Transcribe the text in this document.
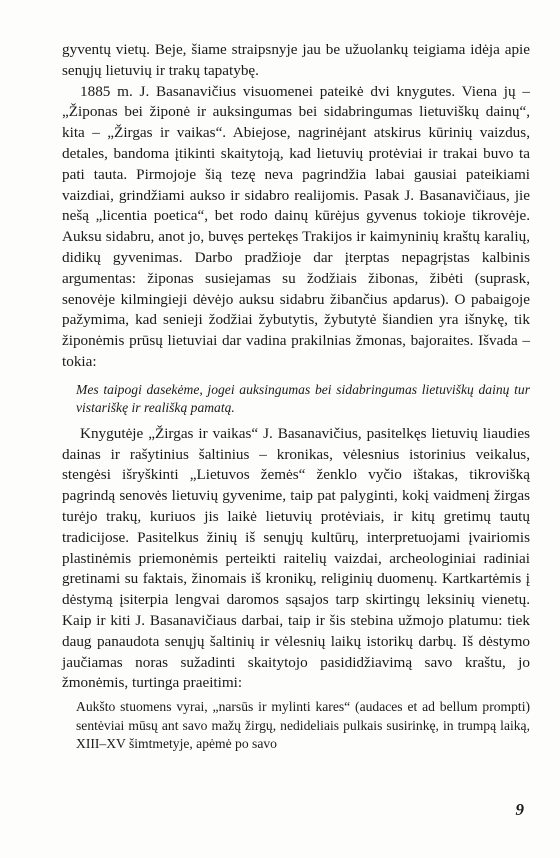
gyventų vietų. Beje, šiame straipsnyje jau be užuolankų teigiama idėja apie senųjų lietuvių ir trakų tapatybę.

1885 m. J. Basanavičius visuomenei pateikė dvi knygutes. Viena jų – „Žiponas bei žiponė ir auksingumas bei sidabringumas lietuviškų dainų“, kita – „Žirgas ir vaikas“. Abiejose, nagrinėjant atskirus kūrinių vaizdus, detales, bandoma įtikinti skaitytoją, kad lietuvių protėviai ir trakai buvo ta pati tauta. Pirmojoje šią tezę neva pagrindžia labai gausiai pateikiami vaizdiai, grindžiami aukso ir sidabro realijomis. Pasak J. Basanavičiaus, jie nešą „licentia poetica“, bet rodo dainų kūrėjus gyvenus tokioje tikrovėje. Auksu sidabru, anot jo, buvęs pertekęs Trakijos ir kaimyninių kraštų karalių, didikų gyvenimas. Darbo pradžioje dar įterptas nepagrįstas kalbinis argumentas: žiponas susiejamas su žodžiais žibonas, žibėti (suprask, senovėje kilmingieji dėvėjo auksu sidabru žibančius apdarus). O pabaigoje pažymima, kad senieji žodžiai žybutytis, žybutytė šiandien yra išnykę, tik žiponėmis prūsų lietuviai dar vadina prakilnias žmonas, bajoraites. Išvada – tokia:

Mes taipogi dasekėme, jogei auksingumas bei sidabringumas lietuviškų dainų tur vistariškę ir reališką pamatą.

Knygutėje „Žirgas ir vaikas“ J. Basanavičius, pasitelkęs lietuvių liaudies dainas ir rašytinius šaltinius – kronikas, vėlesnius istorinius veikalus, stengėsi išryškinti „Lietuvos žemės“ ženklo vyčio ištakas, tikrovišką pagrindą senovės lietuvių gyvenime, taip pat palyginti, kokį vaidmenį žirgas turėjo trakų, kuriuos jis laikė lietuvių protėviais, ir kitų gretimų tautų tradicijose. Pasitelkus žinių iš senųjų kultūrų, interpretuojami įvairiomis plastinėmis priemonėmis perteikti raitelių vaizdai, archeologiniai radiniai gretinami su faktais, žinomais iš kronikų, religinių duomenų. Kartkartėmis į dėstymą įsiterpia lengvai daromos sąsajos tarp skirtingų leksinių vienetų. Kaip ir kiti J. Basanavičiaus darbai, taip ir šis stebina užmojo platumu: tiek daug panaudota senųjų šaltinių ir vėlesnių laikų istorikų darbų. Iš dėstymo jaučiamas noras sužadinti skaitytojo pasididžiavimą savo kraštu, jo žmonėmis, turtinga praeitimi:

Aukšto stuomens vyrai, „narsūs ir mylinti kares“ (audaces et ad bellum prompti) sentėviai mūsų ant savo mažų žirgų, nedideliais pulkais susirinkę, in trumpą laiką, XIII–XV šimtmetyje, apėmė po savo

9
